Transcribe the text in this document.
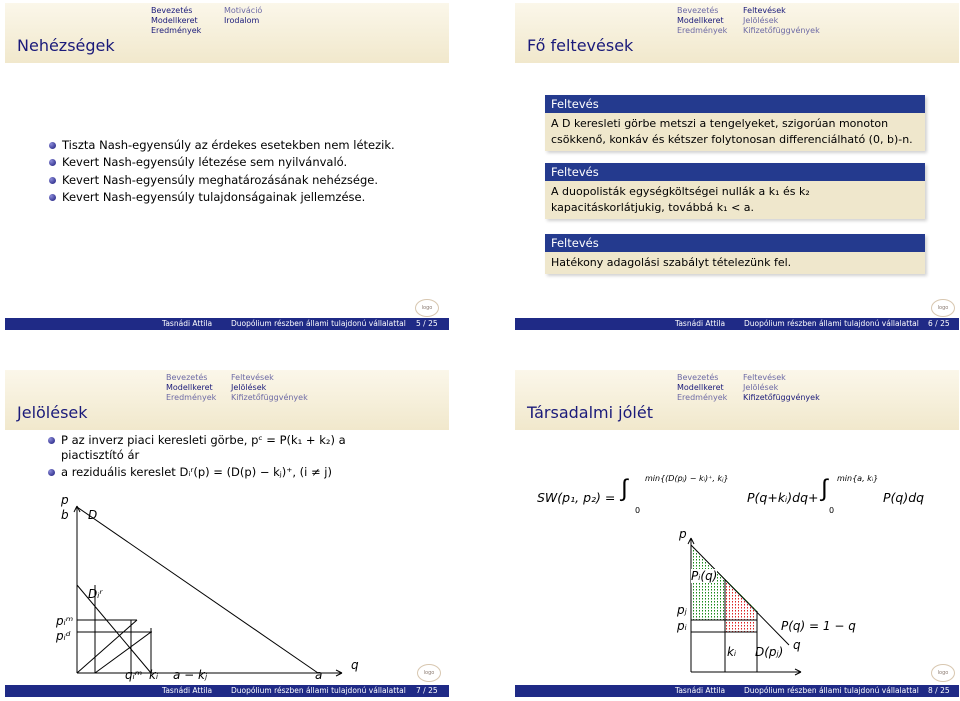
Bevezetés
Modellkeret
Eredmények
Motiváció
Irodalom
Nehézségek
Tiszta Nash-egyensúly az érdekes esetekben nem létezik.
Kevert Nash-egyensúly létezése sem nyilvánvaló.
Kevert Nash-egyensúly meghatározásának nehézsége.
Kevert Nash-egyensúly tulajdonságainak jellemzése.
logo
Tasnádi Attila	Duopólium részben állami tulajdonú vállalattal 5 / 25
Bevezetés
Modellkeret
Eredmények
Feltevések
Jelölések
Kifizetőfüggvények
Fő feltevések
Feltevés
A D keresleti görbe metszi a tengelyeket, szigorúan monoton
csökkenő, konkáv és kétszer folytonosan differenciálható (0, b)-n.
Feltevés
A duopolisták egységköltségei nullák a k₁ és k₂
kapacitáskorlátjukig, továbbá k₁ < a.
Feltevés
Hatékony adagolási szabályt tételezünk fel.
logo
Tasnádi Attila	Duopólium részben állami tulajdonú vállalattal 6 / 25
Bevezetés
Modellkeret
Eredmények
Feltevések
Jelölések
Kifizetőfüggvények
Jelölések
P az inverz piaci keresleti görbe, pᶜ = P(k₁ + k₂) a
piactisztító ár
a reziduális kereslet Dᵢʳ(p) = (D(p) − kⱼ)⁺, (i ≠ j)
p
b D
Dᵢʳ
pᵢᵐ
pᵢᵈ
qᵢᵐ kᵢ a − kⱼ	a
q
logo
Tasnádi Attila	Duopólium részben állami tulajdonú vállalattal 7 / 25
Bevezetés
Modellkeret
Eredmények
Feltevések
Jelölések
Kifizetőfüggvények
Társadalmi jólét
SW(p₁, p₂) = ∫ min{(D(pⱼ) − kᵢ)⁺, kⱼ}
0
P(q+kᵢ)dq+ ∫ min{a, kᵢ}
0
P(q)dq
p
Pᵢ(q)
pⱼ
pᵢ	P(q) = 1 − q
kᵢ D(pⱼ) q
logo
Tasnádi Attila	Duopólium részben állami tulajdonú vállalattal 8 / 25
